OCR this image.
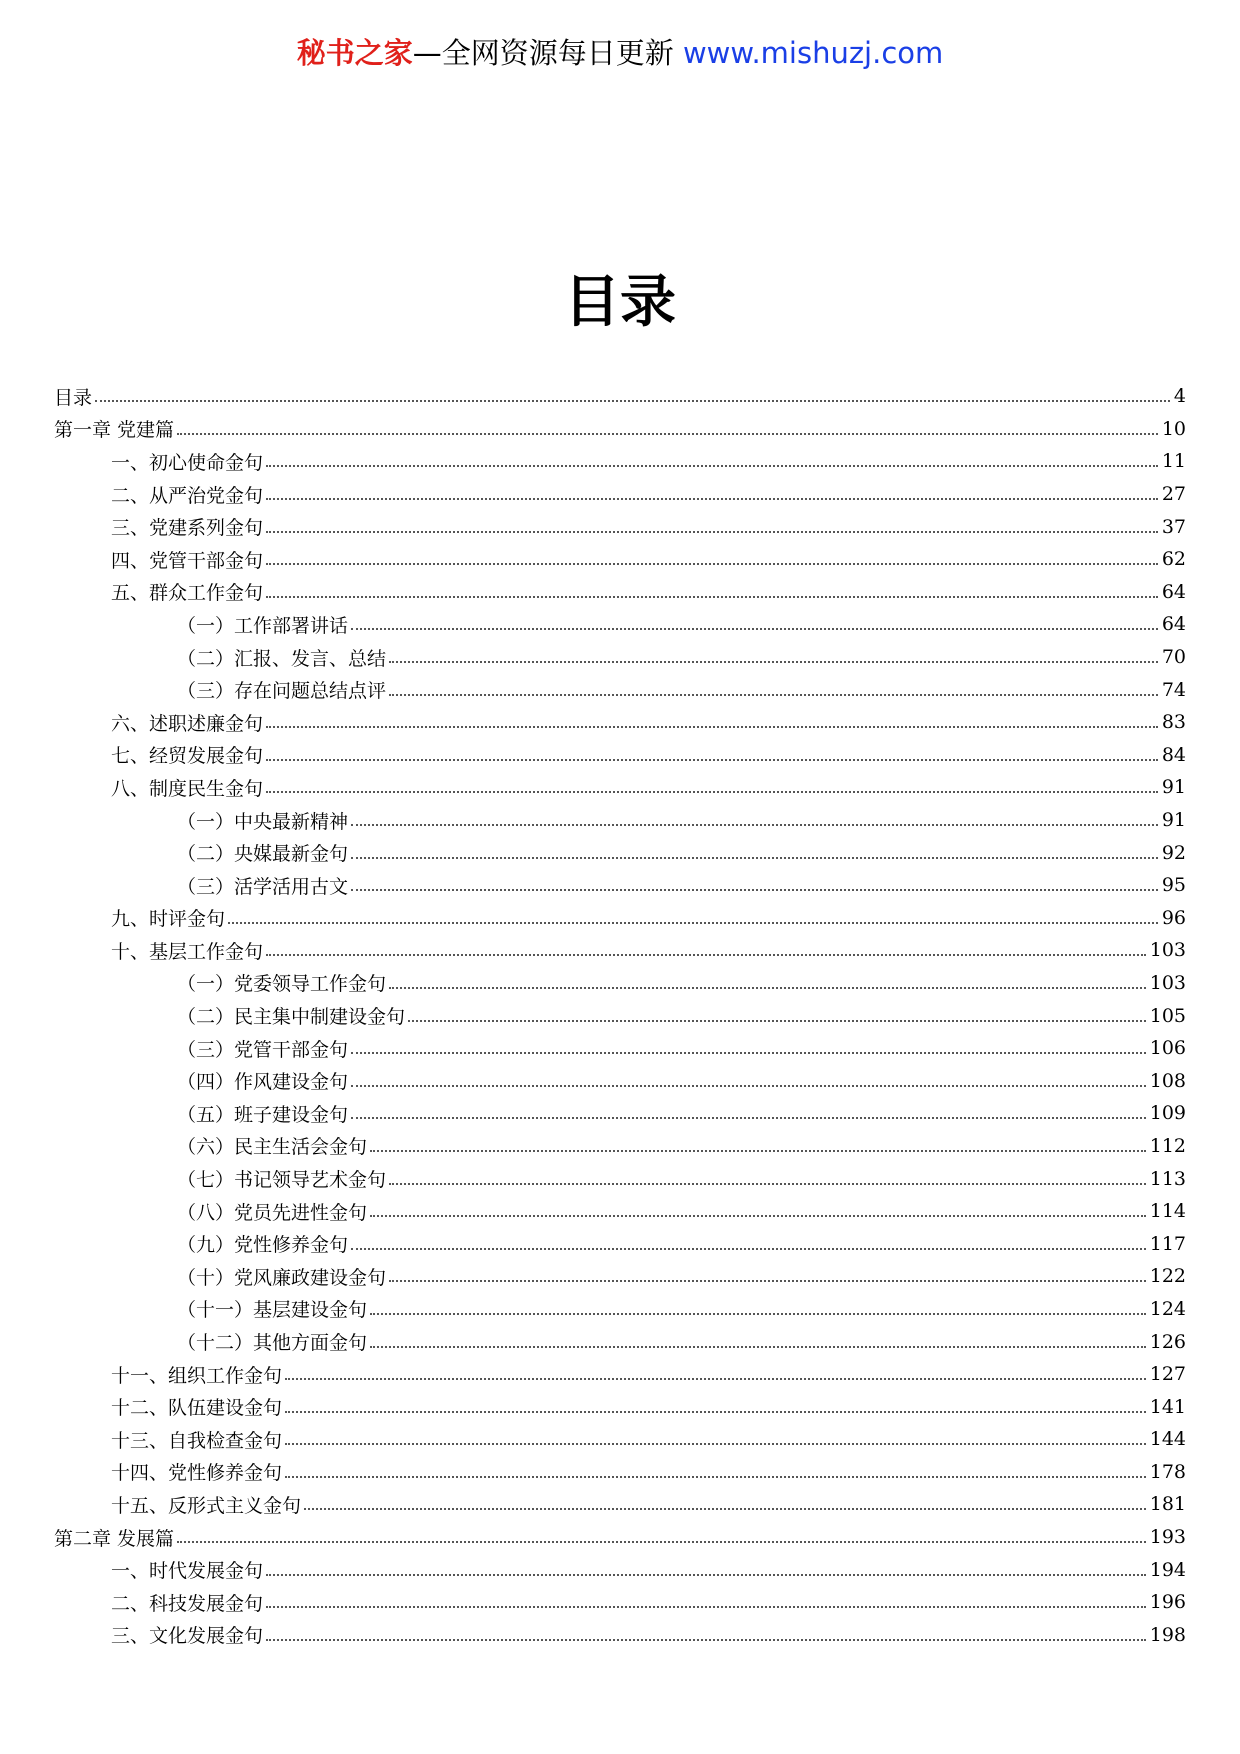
秘书之家—全网资源每日更新 www.mishuzj.com
目录
目录	4
第一章 党建篇	10
一、初心使命金句	11
二、从严治党金句	27
三、党建系列金句	37
四、党管干部金句	62
五、群众工作金句	64
（一）工作部署讲话	64
（二）汇报、发言、总结	70
（三）存在问题总结点评	74
六、述职述廉金句	83
七、经贸发展金句	84
八、制度民生金句	91
（一）中央最新精神	91
（二）央媒最新金句	92
（三）活学活用古文	95
九、时评金句	96
十、基层工作金句	103
（一）党委领导工作金句	103
（二）民主集中制建设金句	105
（三）党管干部金句	106
（四）作风建设金句	108
（五）班子建设金句	109
（六）民主生活会金句	112
（七）书记领导艺术金句	113
（八）党员先进性金句	114
（九）党性修养金句	117
（十）党风廉政建设金句	122
（十一）基层建设金句	124
（十二）其他方面金句	126
十一、组织工作金句	127
十二、队伍建设金句	141
十三、自我检查金句	144
十四、党性修养金句	178
十五、反形式主义金句	181
第二章 发展篇	193
一、时代发展金句	194
二、科技发展金句	196
三、文化发展金句	198
